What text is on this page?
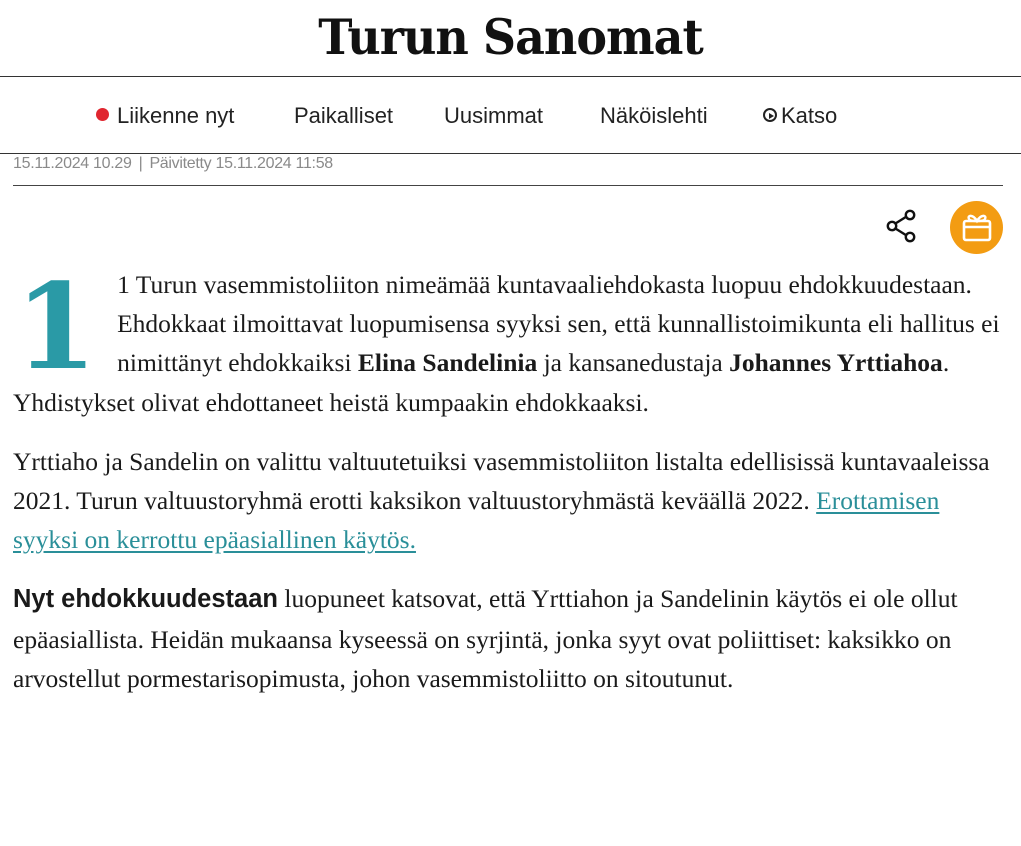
Turun Sanomat
Liikenne nyt	Paikalliset Uusimmat	Näköislehti	Katso
15.11.2024 10.29 | Päivitetty 15.11.2024 11:58

1 1 Turun vasemmistoliiton nimeämää kuntavaaliehdokasta luopuu ehdokkuudestaan. Ehdokkaat ilmoittavat luopumisensa syyksi sen, että kunnallistoimikunta eli hallitus ei nimittänyt ehdokkaiksi Elina Sandelinia ja kansanedustaja Johannes Yrttiahoa. Yhdistykset olivat ehdottaneet heistä kumpaakin ehdokkaaksi.

Yrttiaho ja Sandelin on valittu valtuutetuiksi vasemmistoliiton listalta edellisissä kuntavaaleissa 2021. Turun valtuustoryhmä erotti kaksikon valtuustoryhmästä keväällä 2022. Erottamisen syyksi on kerrottu epäasiallinen käytös.

Nyt ehdokkuudestaan luopuneet katsovat, että Yrttiahon ja Sandelinin käytös ei ole ollut epäasiallista. Heidän mukaansa kyseessä on syrjintä, jonka syyt ovat poliittiset: kaksikko on arvostellut pormestarisopimusta, johon vasemmistoliitto on sitoutunut.
